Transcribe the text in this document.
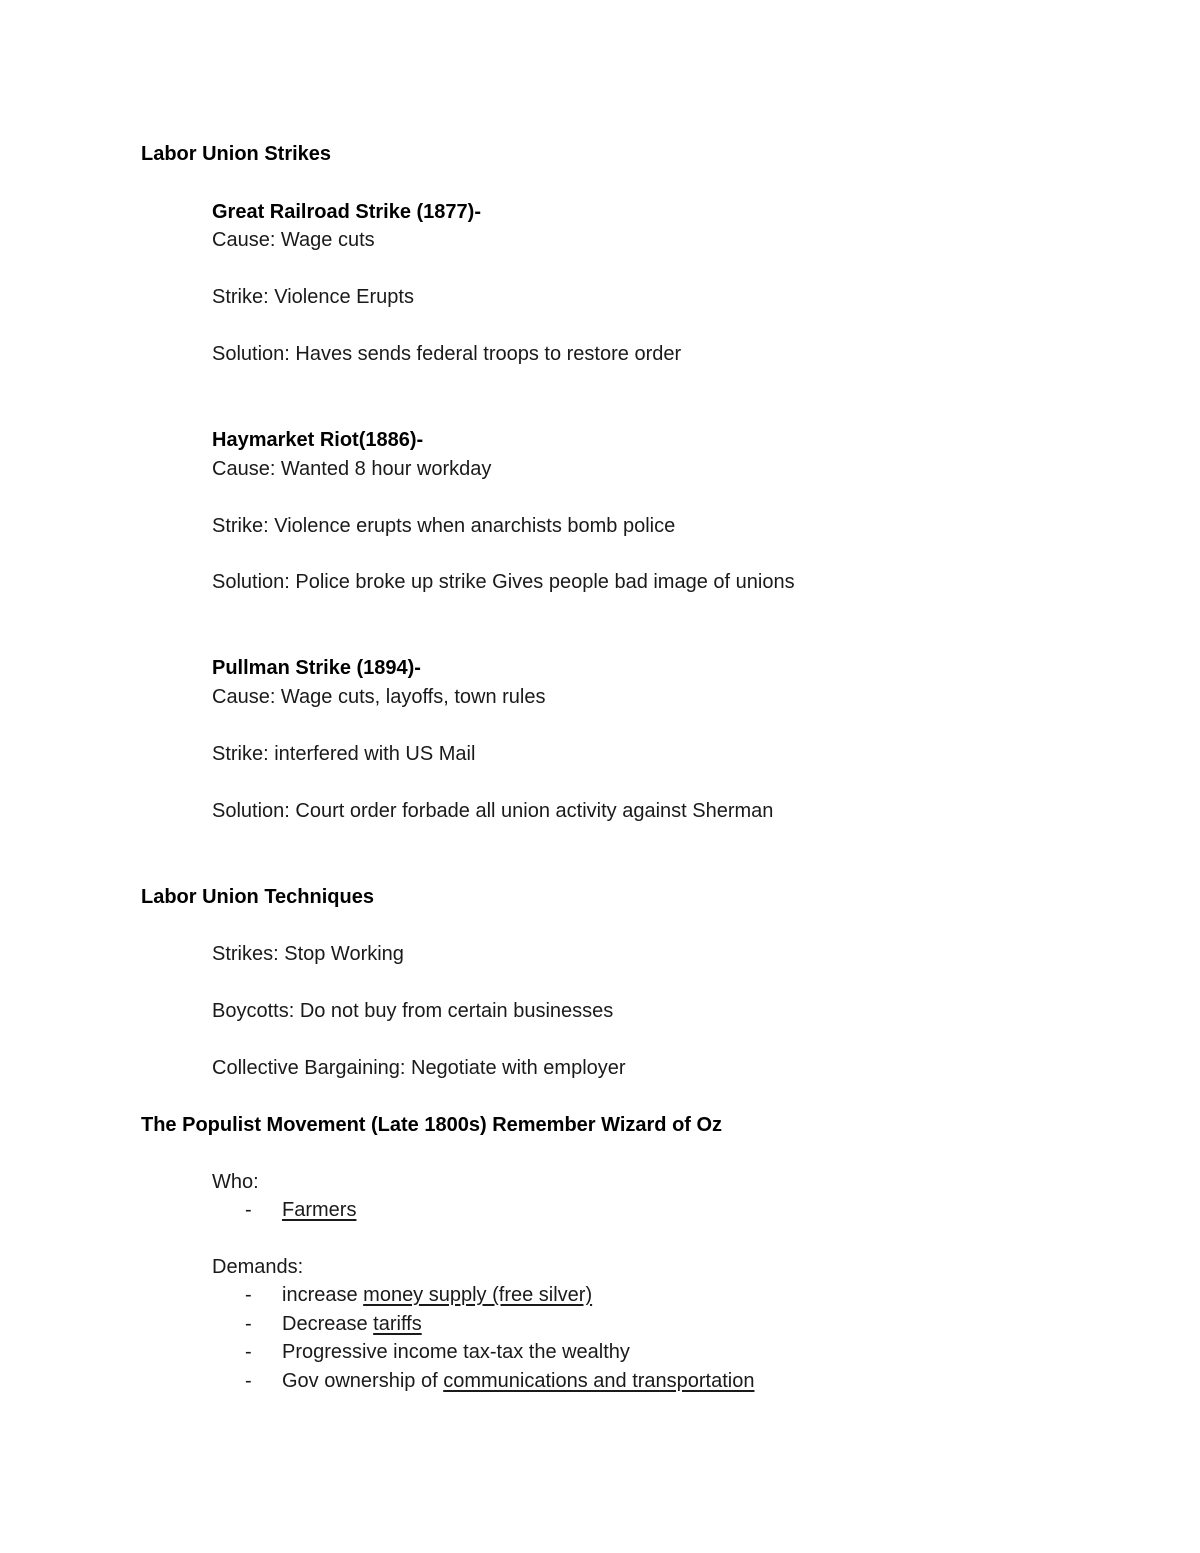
Labor Union Strikes
Great Railroad Strike (1877)-
Cause: Wage cuts
Strike: Violence Erupts
Solution: Haves sends federal troops to restore order
Haymarket Riot(1886)-
Cause: Wanted 8 hour workday
Strike: Violence erupts when anarchists bomb police
Solution: Police broke up strike Gives people bad image of unions
Pullman Strike (1894)-
Cause: Wage cuts, layoffs, town rules
Strike: interfered with US Mail
Solution: Court order forbade all union activity against Sherman
Labor Union Techniques
Strikes: Stop Working
Boycotts: Do not buy from certain businesses
Collective Bargaining: Negotiate with employer
The Populist Movement (Late 1800s) Remember Wizard of Oz
Who:
- Farmers
Demands:
- increase money supply (free silver)
- Decrease tariffs
- Progressive income tax-tax the wealthy
- Gov ownership of communications and transportation
